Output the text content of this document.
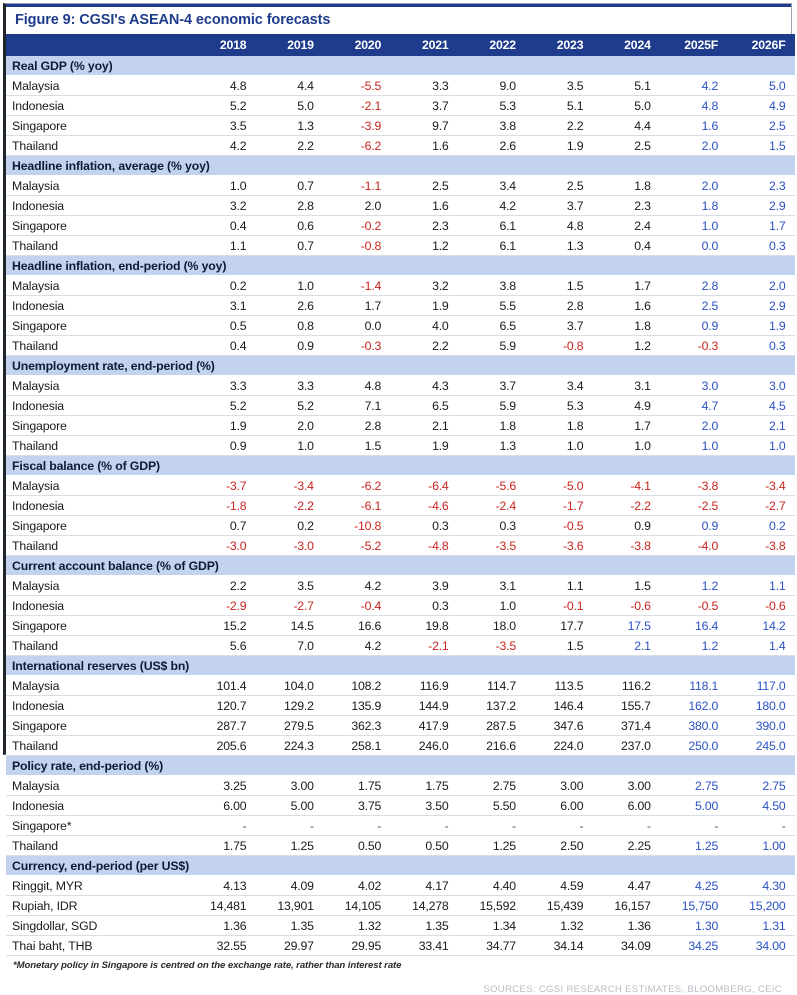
Figure 9: CGSI's ASEAN-4 economic forecasts
	2018	2019	2020	2021	2022	2023	2024	2025F	2026F
Real GDP (% yoy)									
Malaysia	4.8	4.4	-5.5	3.3	9.0	3.5	5.1	4.2	5.0
Indonesia	5.2	5.0	-2.1	3.7	5.3	5.1	5.0	4.8	4.9
Singapore	3.5	1.3	-3.9	9.7	3.8	2.2	4.4	1.6	2.5
Thailand	4.2	2.2	-6.2	1.6	2.6	1.9	2.5	2.0	1.5
Headline inflation, average (% yoy)									
Malaysia	1.0	0.7	-1.1	2.5	3.4	2.5	1.8	2.0	2.3
Indonesia	3.2	2.8	2.0	1.6	4.2	3.7	2.3	1.8	2.9
Singapore	0.4	0.6	-0.2	2.3	6.1	4.8	2.4	1.0	1.7
Thailand	1.1	0.7	-0.8	1.2	6.1	1.3	0.4	0.0	0.3
Headline inflation, end-period (% yoy)									
Malaysia	0.2	1.0	-1.4	3.2	3.8	1.5	1.7	2.8	2.0
Indonesia	3.1	2.6	1.7	1.9	5.5	2.8	1.6	2.5	2.9
Singapore	0.5	0.8	0.0	4.0	6.5	3.7	1.8	0.9	1.9
Thailand	0.4	0.9	-0.3	2.2	5.9	-0.8	1.2	-0.3	0.3
Unemployment rate, end-period (%)									
Malaysia	3.3	3.3	4.8	4.3	3.7	3.4	3.1	3.0	3.0
Indonesia	5.2	5.2	7.1	6.5	5.9	5.3	4.9	4.7	4.5
Singapore	1.9	2.0	2.8	2.1	1.8	1.8	1.7	2.0	2.1
Thailand	0.9	1.0	1.5	1.9	1.3	1.0	1.0	1.0	1.0
Fiscal balance (% of GDP)									
Malaysia	-3.7	-3.4	-6.2	-6.4	-5.6	-5.0	-4.1	-3.8	-3.4
Indonesia	-1.8	-2.2	-6.1	-4.6	-2.4	-1.7	-2.2	-2.5	-2.7
Singapore	0.7	0.2	-10.8	0.3	0.3	-0.5	0.9	0.9	0.2
Thailand	-3.0	-3.0	-5.2	-4.8	-3.5	-3.6	-3.8	-4.0	-3.8
Current account balance (% of GDP)									
Malaysia	2.2	3.5	4.2	3.9	3.1	1.1	1.5	1.2	1.1
Indonesia	-2.9	-2.7	-0.4	0.3	1.0	-0.1	-0.6	-0.5	-0.6
Singapore	15.2	14.5	16.6	19.8	18.0	17.7	17.5	16.4	14.2
Thailand	5.6	7.0	4.2	-2.1	-3.5	1.5	2.1	1.2	1.4
International reserves (US$ bn)									
Malaysia	101.4	104.0	108.2	116.9	114.7	113.5	116.2	118.1	117.0
Indonesia	120.7	129.2	135.9	144.9	137.2	146.4	155.7	162.0	180.0
Singapore	287.7	279.5	362.3	417.9	287.5	347.6	371.4	380.0	390.0
Thailand	205.6	224.3	258.1	246.0	216.6	224.0	237.0	250.0	245.0
Policy rate, end-period (%)									
Malaysia	3.25	3.00	1.75	1.75	2.75	3.00	3.00	2.75	2.75
Indonesia	6.00	5.00	3.75	3.50	5.50	6.00	6.00	5.00	4.50
Singapore*	-	-	-	-	-	-	-	-	-
Thailand	1.75	1.25	0.50	0.50	1.25	2.50	2.25	1.25	1.00
Currency, end-period (per US$)									
Ringgit, MYR	4.13	4.09	4.02	4.17	4.40	4.59	4.47	4.25	4.30
Rupiah, IDR	14,481	13,901	14,105	14,278	15,592	15,439	16,157	15,750	15,200
Singdollar, SGD	1.36	1.35	1.32	1.35	1.34	1.32	1.36	1.30	1.31
Thai baht, THB	32.55	29.97	29.95	33.41	34.77	34.14	34.09	34.25	34.00
*Monetary policy in Singapore is centred on the exchange rate, rather than interest rate
SOURCES: CGSI RESEARCH ESTIMATES, BLOOMBERG, CEIC
